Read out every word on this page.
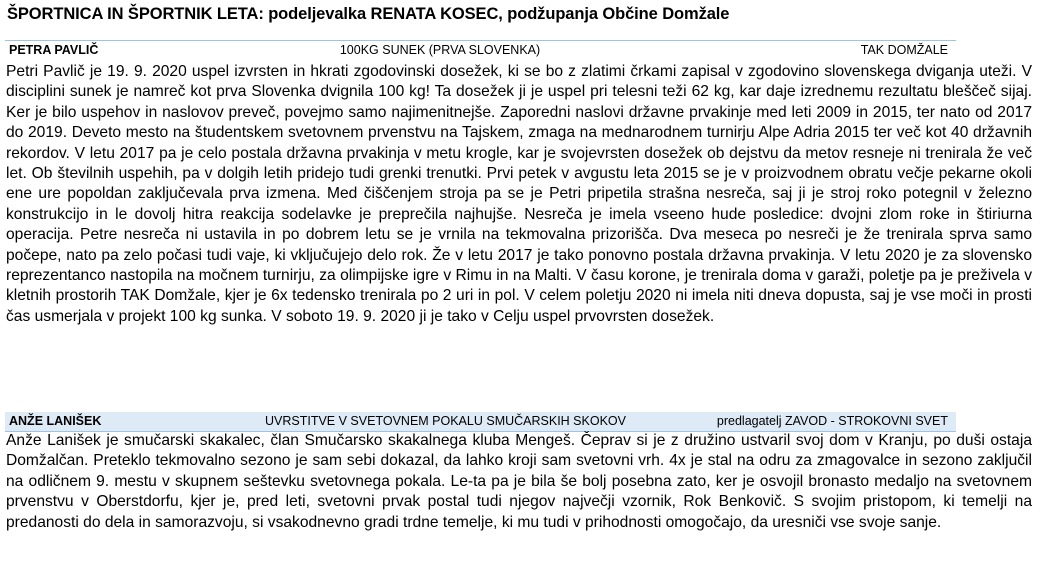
ŠPORTNICA IN ŠPORTNIK LETA: podeljevalka RENATA KOSEC, podžupanja Občine Domžale
PETRA PAVLIČ	100KG SUNEK (PRVA SLOVENKA)	TAK DOMŽALE
Petri Pavlič je 19. 9. 2020 uspel izvrsten in hkrati zgodovinski dosežek, ki se bo z zlatimi črkami zapisal v zgodovino slovenskega dviganja uteži. V disciplini sunek je namreč kot prva Slovenka dvignila 100 kg! Ta dosežek ji je uspel pri telesni teži 62 kg, kar daje izrednemu rezultatu bleščeč sijaj. Ker je bilo uspehov in naslovov preveč, povejmo samo najimenitnejše. Zaporedni naslovi državne prvakinje med leti 2009 in 2015, ter nato od 2017 do 2019. Deveto mesto na študentskem svetovnem prvenstvu na Tajskem, zmaga na mednarodnem turnirju Alpe Adria 2015 ter več kot 40 državnih rekordov. V letu 2017 pa je celo postala državna prvakinja v metu krogle, kar je svojevrsten dosežek ob dejstvu da metov resneje ni trenirala že več let. Ob številnih uspehih, pa v dolgih letih pridejo tudi grenki trenutki. Prvi petek v avgustu leta 2015 se je v proizvodnem obratu večje pekarne okoli ene ure popoldan zaključevala prva izmena. Med čiščenjem stroja pa se je Petri pripetila strašna nesreča, saj ji je stroj roko potegnil v železno konstrukcijo in le dovolj hitra reakcija sodelavke je preprečila najhujše. Nesreča je imela vseeno hude posledice: dvojni zlom roke in štiriurna operacija. Petre nesreča ni ustavila in po dobrem letu se je vrnila na tekmovalna prizorišča. Dva meseca po nesreči je že trenirala sprva samo počepe, nato pa zelo počasi tudi vaje, ki vključujejo delo rok. Že v letu 2017 je tako ponovno postala državna prvakinja. V letu 2020 je za slovensko reprezentanco nastopila na močnem turnirju, za olimpijske igre v Rimu in na Malti. V času korone, je trenirala doma v garaži, poletje pa je preživela v kletnih prostorih TAK Domžale, kjer je 6x tedensko trenirala po 2 uri in pol. V celem poletju 2020 ni imela niti dneva dopusta, saj je vse moči in prosti čas usmerjala v projekt 100 kg sunka. V soboto 19. 9. 2020 ji je tako v Celju uspel prvovrsten dosežek.
ANŽE LANIŠEK	UVRSTITVE V SVETOVNEM POKALU SMUČARSKIH SKOKOV	predlagatelj ZAVOD - STROKOVNI SVET
Anže Lanišek je smučarski skakalec, član Smučarsko skakalnega kluba Mengeš. Čeprav si je z družino ustvaril svoj dom v Kranju, po duši ostaja Domžalčan. Preteklo tekmovalno sezono je sam sebi dokazal, da lahko kroji sam svetovni vrh. 4x je stal na odru za zmagovalce in sezono zaključil na odličnem 9. mestu v skupnem seštevku svetovnega pokala. Le-ta pa je bila še bolj posebna zato, ker je osvojil bronasto medaljo na svetovnem prvenstvu v Oberstdorfu, kjer je, pred leti, svetovni prvak postal tudi njegov največji vzornik, Rok Benkovič. S svojim pristopom, ki temelji na predanosti do dela in samorazvoju, si vsakodnevno gradi trdne temelje, ki mu tudi v prihodnosti omogočajo, da uresniči vse svoje sanje.
